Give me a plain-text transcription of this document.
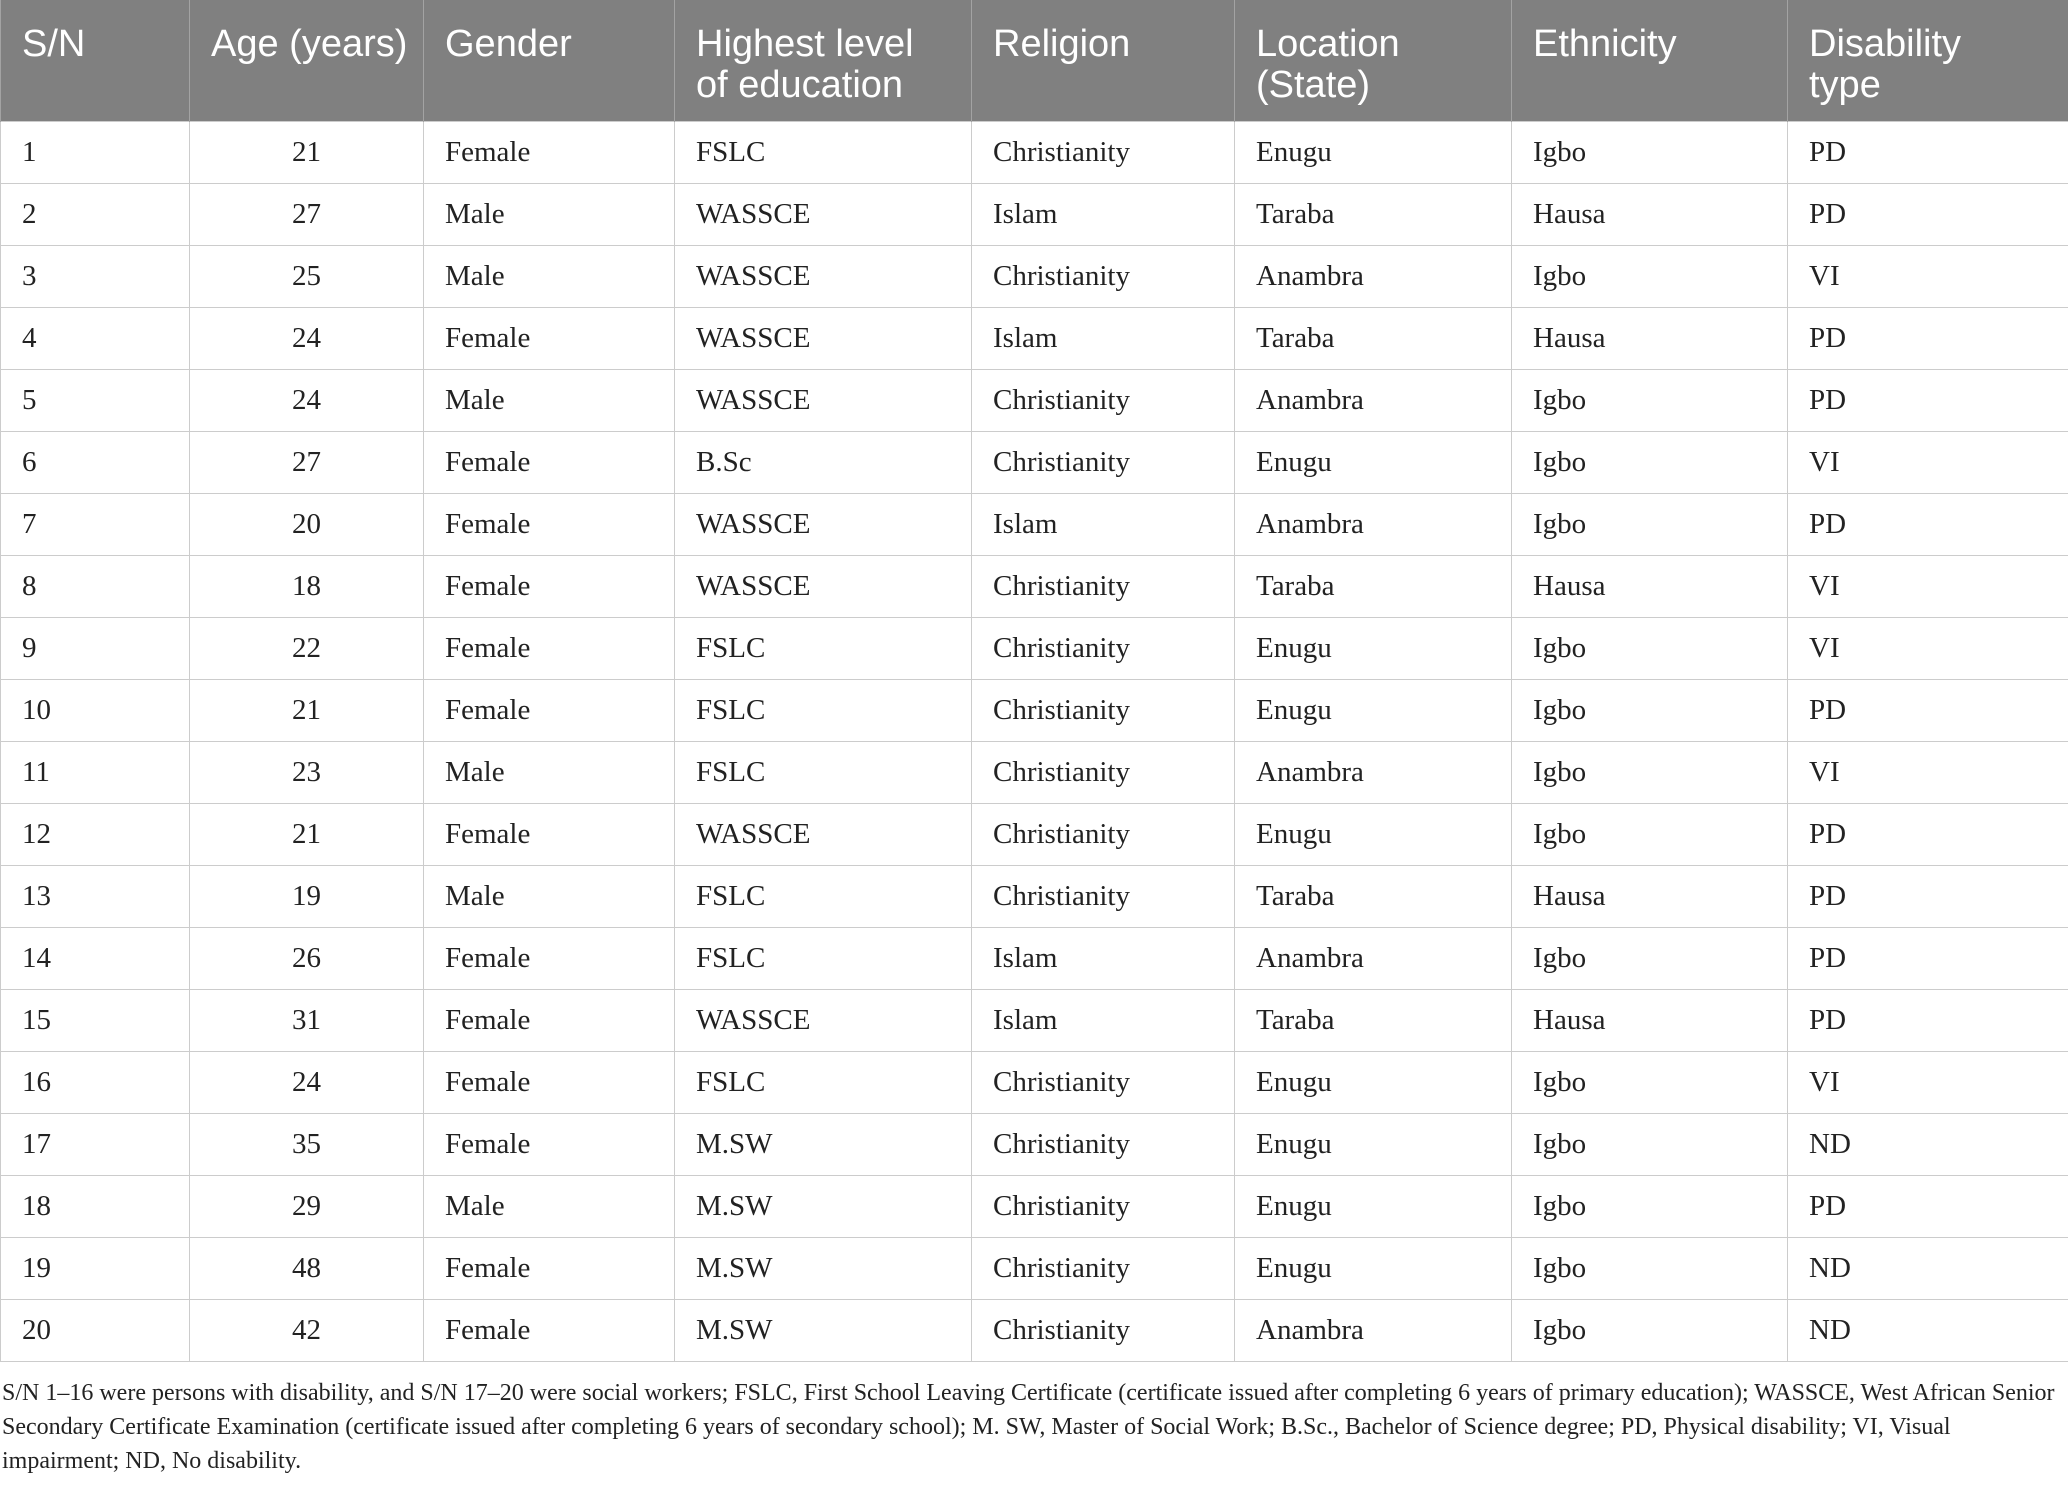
S/N	Age (years)	Gender	Highest level of education	Religion	Location (State)	Ethnicity	Disability type

1	21	Female	FSLC	Christianity	Enugu	Igbo	PD
2	27	Male	WASSCE	Islam	Taraba	Hausa	PD
3	25	Male	WASSCE	Christianity	Anambra	Igbo	VI
4	24	Female	WASSCE	Islam	Taraba	Hausa	PD
5	24	Male	WASSCE	Christianity	Anambra	Igbo	PD
6	27	Female	B.Sc	Christianity	Enugu	Igbo	VI
7	20	Female	WASSCE	Islam	Anambra	Igbo	PD
8	18	Female	WASSCE	Christianity	Taraba	Hausa	VI
9	22	Female	FSLC	Christianity	Enugu	Igbo	VI
10	21	Female	FSLC	Christianity	Enugu	Igbo	PD
11	23	Male	FSLC	Christianity	Anambra	Igbo	VI
12	21	Female	WASSCE	Christianity	Enugu	Igbo	PD
13	19	Male	FSLC	Christianity	Taraba	Hausa	PD
14	26	Female	FSLC	Islam	Anambra	Igbo	PD
15	31	Female	WASSCE	Islam	Taraba	Hausa	PD
16	24	Female	FSLC	Christianity	Enugu	Igbo	VI
17	35	Female	M.SW	Christianity	Enugu	Igbo	ND
18	29	Male	M.SW	Christianity	Enugu	Igbo	PD
19	48	Female	M.SW	Christianity	Enugu	Igbo	ND
20	42	Female	M.SW	Christianity	Anambra	Igbo	ND

S/N 1–16 were persons with disability, and S/N 17–20 were social workers; FSLC, First School Leaving Certificate (certificate issued after completing 6 years of primary education); WASSCE, West African Senior Secondary Certificate Examination (certificate issued after completing 6 years of secondary school); M. SW, Master of Social Work; B.Sc., Bachelor of Science degree; PD, Physical disability; VI, Visual impairment; ND, No disability.
